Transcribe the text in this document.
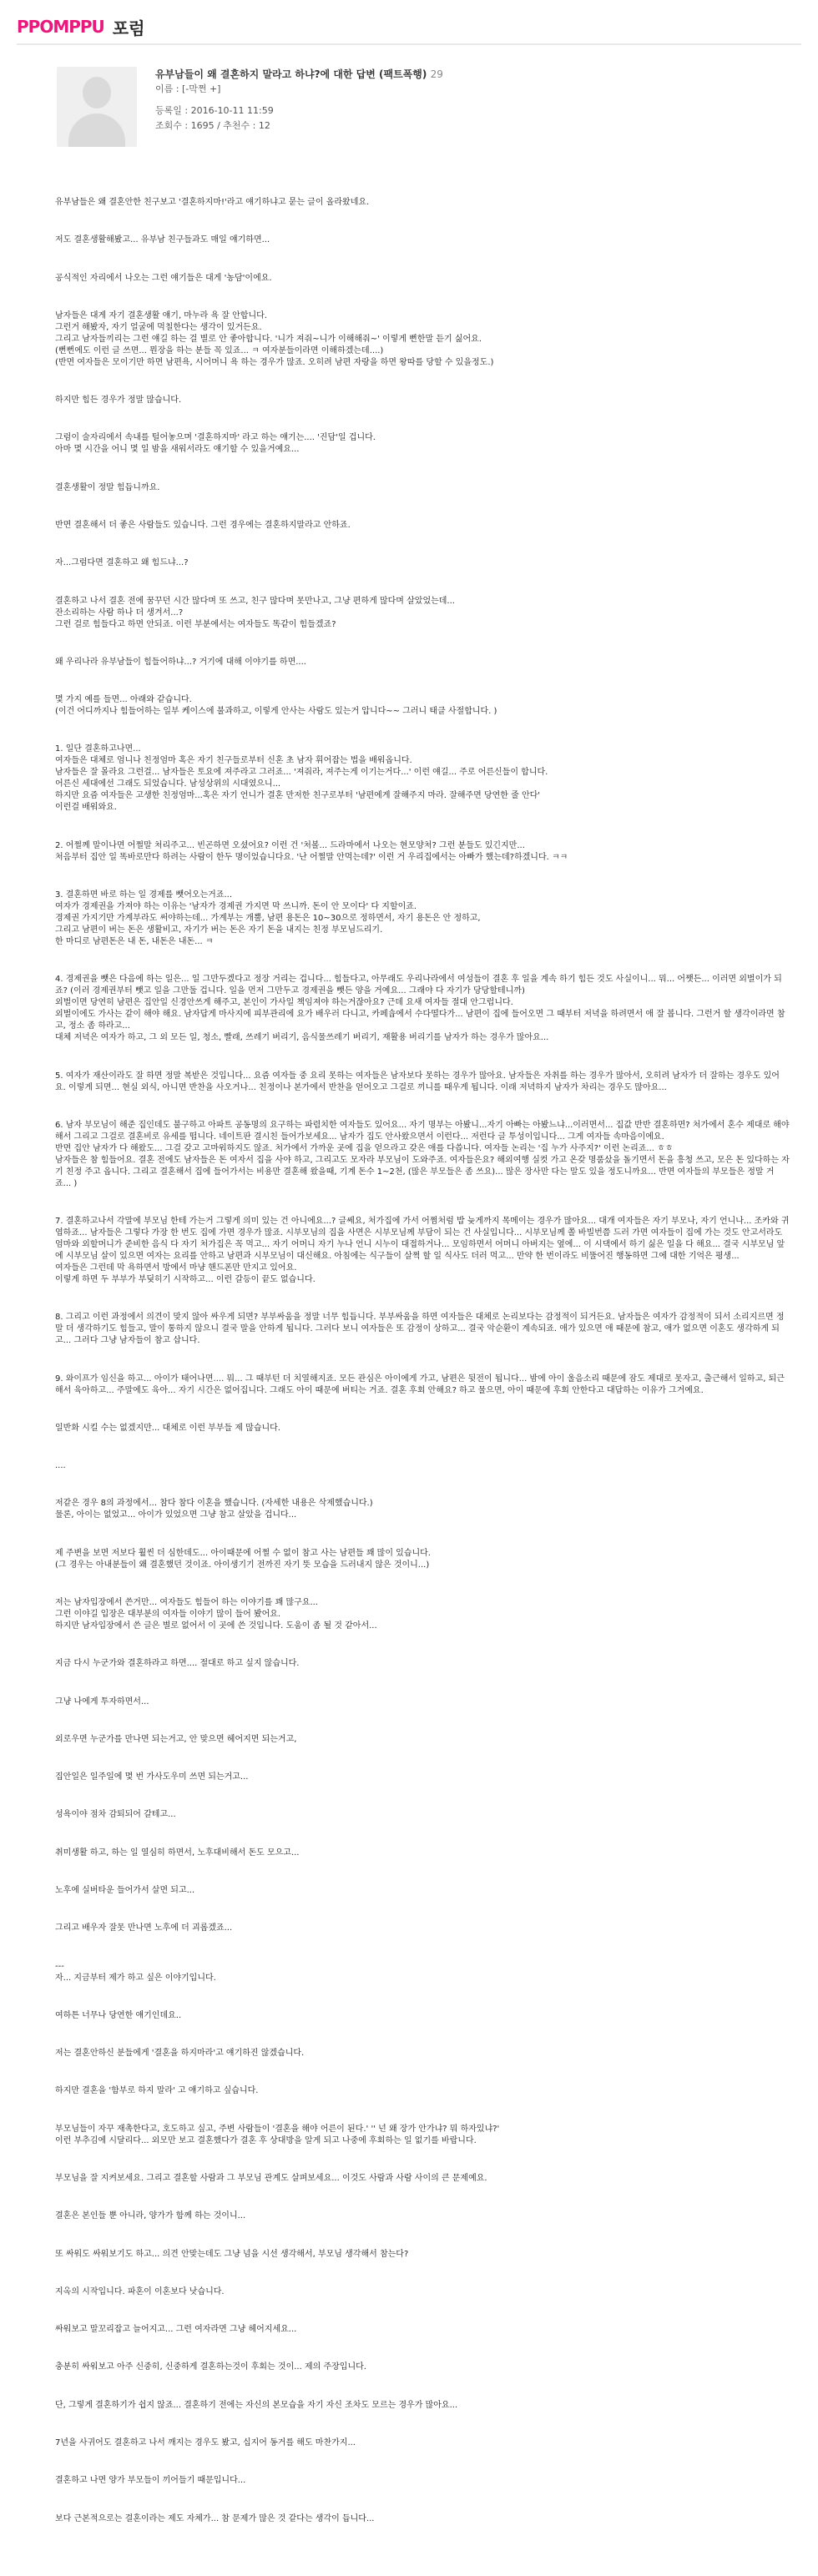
PPOMPPU 포럼
유부남들이 왜 결혼하지 말라고 하냐?에 대한 답변 (팩트폭행) 29
이름 : [-막쩐 +]
등록일 : 2016-10-11 11:59
조회수 : 1695 / 추천수 : 12

유부남들은 왜 결혼안한 친구보고 '결혼하지마!'라고 얘기하냐고 묻는 글이 올라왔네요.

저도 결혼생활해봤고... 유부남 친구들과도 매일 얘기하면...

공식적인 자리에서 나오는 그런 얘기들은 대게 '농담'이에요.

남자들은 대게 자기 결혼생활 얘기, 마누라 욕 잘 안합니다.
그런거 해봤자, 자기 얼굴에 먹칠한다는 생각이 있거든요.
그리고 남자들끼리는 그런 얘길 하는 걸 별로 안 좋아합니다. '니가 져줘~니가 이해해줘~' 이렇게 뻔한말 듣기 싫어요.
(뻔뻔에도 이런 글 쓰면... 뭔장을 하는 분들 꼭 있죠... ㅋ 여자분들이라면 이해하겠는데....)
(반면 여자들은 모이기만 하면 남편욕, 시어머니 욕 하는 경우가 많죠. 오히려 남편 자랑을 하면 왕따를 당할 수 있을정도.)

하지만 힘든 경우가 정말 많습니다.

그럼이 술자리에서 속내를 털어놓으며 '결혼하지마' 라고 하는 얘기는.... '진담'일 겁니다.
아마 몇 시간을 어니 몇 일 밤을 새워서라도 얘기할 수 있을거예요...

결혼생활이 정말 힘듭니까요.

반면 결혼해서 더 좋은 사람들도 있습니다. 그런 경우에는 결혼하지말라고 안하죠.

자...그럼다면 결혼하고 왜 힘드냐...?

결혼하고 나서 결혼 전에 꿈꾸던 시간 많다며 또 쓰고, 친구 많다며 못만나고, 그냥 편하게 많다며 살았었는데...
잔소리하는 사람 하나 더 생겨서...?
그런 걸로 힘들다고 하면 안되죠. 이런 부분에서는 여자들도 똑같이 힘들겠죠?

왜 우리나라 유부남들이 힘들어하냐...? 거기에 대해 이야기를 하면....

몇 가지 예를 들면... 아래와 같습니다.
(이건 어디까지나 힘들어하는 일부 케이스에 불과하고, 이렇게 안사는 사람도 있는거 압니다~~ 그러니 태클 사절합니다. )

1. 일단 결혼하고나면...
여자들은 대체로 엄니나 친정엄마 혹은 자기 친구들로부터 신혼 초 남자 휘어잡는 법을 배워옵니다.
남자들은 잘 몰라요 그런걸... 남자들은 토요에 져주라고 그러죠... '져줘라, 져주는게 이기는거다...' 이런 얘길... 주로 어른신들이 합니다.
어른신 세대에선 그래도 되었습니다. 남성상위의 시대였으니...
하지만 요즘 여자들은 고생한 친정엄마...혹은 자기 언니가 결혼 만저한 친구로부터 '남편에게 잘해주지 마라. 잘해주면 당연한 줄 안다'
이런걸 배워와요.

2. 어쩔께 말이나면 어쩔말 처리주고... 빈곤하면 오셨어요? 이런 건 '처볼... 드라마에서 나오는 현모양처? 그런 분들도 있긴지만...
처음부터 집안 일 똑바로만다 하려는 사람이 한두 명이었습니다요. '난 어쩔말 안먹는데?' 이런 거 우리집에서는 아빠가 했는데?하겠니다. ㅋㅋ

3. 결혼하면 바로 하는 일 경제를 뺏어오는거죠...
여자가 경제권을 가져야 하는 이유는 '남자가 경제권 가지면 막 쓰니까. 돈이 안 모이다' 다 지할이죠.
경제권 가지기만 가계부라도 써야하는데... 가계부는 개뿔, 남편 용돈은 10~30으로 정하면서, 자기 용돈은 안 정하고,
그리고 남편이 버는 돈은 생활비고, 자기가 버는 돈은 자기 돈을 내지는 친정 부모님드리기.
한 마디로 남편돈은 내 돈, 내돈은 내돈... ㅋ

4. 경제권을 뺏은 다음에 하는 일은... 일 그만두겠다고 정장 거리는 겁니다... 힘들다고, 아무래도 우리나라에서 여성들이 결혼 후 일을 계속 하기 힘든 것도 사실이니... 뭐... 어쨋든... 이러면 외벌이가 되죠? (이러 경제권부터 뺏고 일을 그만둘 겁니다. 일을 먼저 그만두고 경제권을 뺏든 양을 거예요... 그래야 다 자기가 당당할테니까)
외벌이면 당연히 남편은 집안일 신경안쓰게 해주고, 본인이 가사일 책임져야 하는거잖아요? 근데 요새 여자들 절대 안그럽니다.
외벌이에도 가사는 같이 해야 해요. 남자답게 마사지에 피부관리에 요가 배우러 다니고, 카페숍에서 수다떨다가... 남편이 집에 들어오면 그 때부터 저녁을 하려면서 애 잘 봅니다. 그런거 할 생각이라면 참고, 정소 좀 하라고...
대체 저녁은 여자가 하고, 그 외 모든 일, 청소, 빨래, 쓰레기 버리기, 음식물쓰레기 버리기, 재활용 버리기를 남자가 하는 경우가 많아요...

5. 여자가 재산이라도 잘 하면 정말 복받은 것입니다... 요즘 여자들 중 요리 못하는 여자들은 남자보다 못하는 경우가 많아요. 남자들은 자취를 하는 경우가 많아서, 오히려 남자가 더 잘하는 경우도 있어요. 이렇게 되면... 현실 외식, 아니면 반찬을 사오거나... 친정이나 본가에서 반찬을 얻어오고 그걸로 끼니를 때우게 됩니다. 이래 저녁하지 남자가 차리는 경우도 많아요...

6. 남자 부모님이 해준 집인데도 불구하고 아파트 공동명의 요구하는 파렴치한 여자들도 있어요... 자기 명부는 아봤니...자기 아빠는 아봤느냐...이러면서... 집값 반반 결혼하면? 처가에서 혼수 제대로 해야해서 그리고 그걸로 결혼비로 유세를 떱니다. 네이트판 결시친 들어가보세요... 남자가 집도 안사왔으면서 이런다... 저런다 글 투성이입니다... 그게 여자들 속마음이에요.
반면 집안 남자가 다 해왔도... 그걸 갖고 고마워하지도 않죠. 처가에서 가까운 곳에 집을 얻으라고 갖은 애를 다씁니다. 여자들 논리는 '집 누가 사주지?' 이런 논리죠... ㅎㅎ
남자들은 참 힘들어요. 결혼 전에도 남자들은 돈 여자서 집을 사야 하고, 그리고도 모자라 부모님이 도와주죠. 여자들은요? 해외여행 실컷 가고 온갖 명품샀을 돌기면서 돈을 흥청 쓰고, 모은 돈 있다하는 자기 친정 주고 옵니다. 그리고 결혼해서 집에 들어가서는 비용만 결혼해 왔을때, 기계 돈수 1~2천, (많은 부모들은 좀 쓰요)... 많은 장사만 다는 말도 있을 정도니까요... 반면 여자들의 부모들은 정말 거죠... )

7. 결혼하고나서 각말에 부모님 한테 가는거 그렇게 의미 있는 건 아니에요...? 글쎄요, 처가집에 가서 어쩜처럼 밥 늦게까지 목메이는 경우가 많아요... 대개 여자들은 자기 부모나, 자기 언니나... 조카와 귀엽하죠... 남자들은 그렇다 가장 한 번도 집에 가면 경우가 많죠. 시부모님의 집을 사면은 시부모님께 부담이 되는 건 사실입니다... 시부모님께 쫄 바빌번쯤 드러 가면 여자들이 집에 가는 것도 안고서라도 엄마와 외할머니가 준비한 음식 다 자기 처가집은 꼭 먹고... 자기 어머니 자기 누나 언니 시누이 대접하거나... 모임하면서 어머니 아버지는 옆에... 이 시댁에서 하기 싫은 일을 다 해요... 결국 시부모님 앞에 시부모님 살이 있으면 여자는 요리를 안하고 남편과 시부모님이 대신해요. 아침에는 식구들이 살쩍 할 일 식사도 더러 먹고... 만약 한 번이라도 비뚤어진 행동하면 그에 대한 기억은 평생...
여자들은 그런데 막 욕하면서 방에서 마냥 핸드폰만 만지고 있어요.
이렇게 하면 두 부부가 부딪히기 시작하고... 이런 갈등이 끝도 없습니다.

8. 그리고 이런 과정에서 의견이 맞지 않아 싸우게 되면? 부부싸움을 정말 너무 힘듭니다. 부부싸움을 하면 여자들은 대체로 논리보다는 감정적이 되거든요. 남자들은 여자가 감정적이 되서 소리지르면 정말 더 생각하기도 힘들고, 말이 통하지 않으니 결국 말을 안하게 됩니다. 그러다 보니 여자들은 또 감정이 상하고... 결국 악순환이 계속되죠. 애가 있으면 애 때문에 참고, 애가 없으면 이혼도 생각하게 되고... 그러다 그냥 남자들이 참고 삽니다.

9. 와이프가 임신을 하고... 아이가 태어나면.... 뭐... 그 때부턴 더 치열해지죠. 모든 관심은 아이에게 가고, 남편은 뒷전이 됩니다... 밤에 아이 울음소리 때문에 잠도 제대로 못자고, 출근해서 일하고, 퇴근해서 육아하고... 주말에도 육아... 자기 시간은 없어집니다. 그래도 아이 때문에 버티는 거죠. 결혼 후회 안해요? 하고 물으면, 아이 때문에 후회 안한다고 대답하는 이유가 그거예요.

일반화 시킬 수는 없겠지만... 대체로 이런 부부들 제 많습니다.

....

저같은 경우 8의 과정에서... 참다 참다 이혼을 했습니다. (자세한 내용은 삭제했습니다.)
물론, 아이는 없었고... 아이가 있었으면 그냥 참고 살았을 겁니다...

제 주변을 보면 저보다 훨씬 더 심한데도... 아이때문에 어쩔 수 없이 참고 사는 남편들 꽤 많이 있습니다.
(그 경우는 아내분들이 왜 결혼했던 것이죠. 아이생기기 전까진 자기 뜻 모습을 드러내지 않은 것이니...)

저는 남자입장에서 쓴거만... 여자들도 힘들어 하는 이야기를 꽤 많구요...
그런 이야길 입장은 대부분의 여자들 이야기 많이 들어 봤어요.
하지만 남자입장에서 쓴 글은 별로 없어서 이 곳에 쓴 것입니다. 도움이 좀 될 것 같아서...

지금 다시 누군가와 결혼하라고 하면.... 절대로 하고 싶지 않습니다.

그냥 나에게 투자하면서...

외로우면 누군가를 만나면 되는거고, 안 맞으면 헤어지면 되는거고,

집안일은 일주일에 몇 번 가사도우미 쓰면 되는거고...

성욕이야 점차 감퇴되어 갈테고...

취미생활 하고, 하는 일 열심히 하면서, 노후대비해서 돈도 모으고...

노후에 실버타운 들어가서 살면 되고...

그리고 배우자 잘못 만나면 노후에 더 괴롭겠죠...

---
자... 지금부터 제가 하고 싶은 이야기입니다.

여하튼 너무나 당연한 얘기인데요..

저는 결혼안하신 분들에게 '결혼을 하지마라'고 얘기하진 않겠습니다.

하지만 결혼을 '함부로 하지 말라' 고 얘기하고 싶습니다.

부모님들이 자꾸 재촉한다고, 호도하고 싶고, 주변 사람들이 '결혼을 해야 어른이 된다.' '' 넌 왜 장가 안가냐? 뭐 하자있냐?'
이런 부추김에 시달리다... 외모만 보고 결혼했다가 결혼 후 상대방을 알게 되고 나중에 후회하는 일 없기를 바랍니다.

부모님을 잘 지켜보세요. 그리고 결혼할 사람과 그 부모님 관계도 살펴보세요... 이것도 사람과 사람 사이의 큰 문제예요.

결혼은 본인들 뿐 아니라, 양가가 함께 하는 것이니...

또 싸워도 싸워보기도 하고... 의견 안맞는데도 그냥 넘을 시선 생각해서, 부모님 생각해서 참는다?

지옥의 시작입니다. 파혼이 이혼보다 낫습니다.

싸워보고 말꼬리잡고 늘어지고... 그런 여자라면 그냥 헤어지세요...

충분히 싸워보고 아주 신중히, 신중하게 결혼하는것이 후회는 것이... 제의 주장입니다.

단, 그렇게 결혼하기가 쉽지 않죠... 결혼하기 전에는 자신의 본모습을 자기 자신 조차도 모르는 경우가 많아요...

7년을 사귀어도 결혼하고 나서 깨지는 경우도 봤고, 십지어 동거를 해도 마찬가지...

결혼하고 나면 양가 부모들이 끼어들기 때문입니다...

보다 근본적으로는 결혼이라는 제도 자체가... 참 문제가 많은 것 같다는 생각이 듭니다...
